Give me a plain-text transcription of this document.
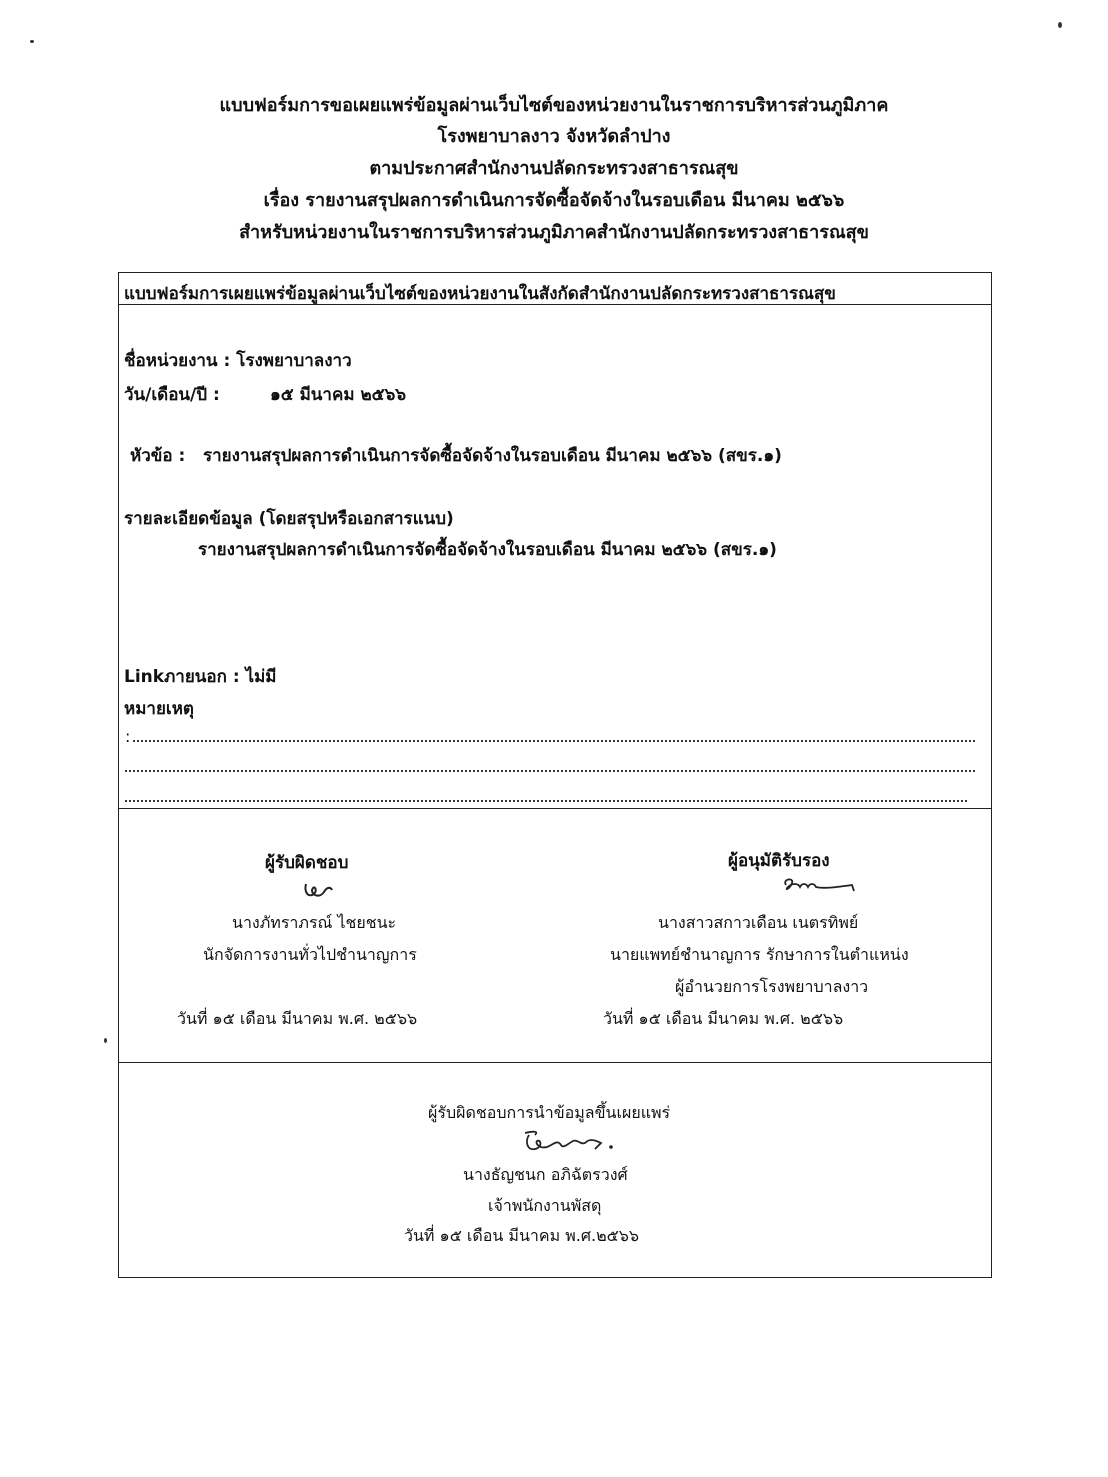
แบบฟอร์มการขอเผยแพร่ข้อมูลผ่านเว็บไซต์ของหน่วยงานในราชการบริหารส่วนภูมิภาค
โรงพยาบาลงาว จังหวัดลำปาง
ตามประกาศสำนักงานปลัดกระทรวงสาธารณสุข
เรื่อง รายงานสรุปผลการดำเนินการจัดซื้อจัดจ้างในรอบเดือน มีนาคม ๒๕๖๖
สำหรับหน่วยงานในราชการบริหารส่วนภูมิภาคสำนักงานปลัดกระทรวงสาธารณสุข
แบบฟอร์มการเผยแพร่ข้อมูลผ่านเว็บไซต์ของหน่วยงานในสังกัดสำนักงานปลัดกระทรวงสาธารณสุข
ชื่อหน่วยงาน : โรงพยาบาลงาว
วัน/เดือน/ปี :	๑๕ มีนาคม ๒๕๖๖
หัวข้อ : รายงานสรุปผลการดำเนินการจัดซื้อจัดจ้างในรอบเดือน มีนาคม ๒๕๖๖ (สขร.๑)
รายละเอียดข้อมูล (โดยสรุปหรือเอกสารแนบ)
รายงานสรุปผลการดำเนินการจัดซื้อจัดจ้างในรอบเดือน มีนาคม ๒๕๖๖ (สขร.๑)
Linkภายนอก : ไม่มี
หมายเหตุ
:
ผู้รับผิดชอบ
นางภัทราภรณ์ ไชยชนะ
นักจัดการงานทั่วไปชำนาญการ
วันที่ ๑๕ เดือน มีนาคม พ.ศ. ๒๕๖๖
ผู้อนุมัติรับรอง
นางสาวสกาวเดือน เนตรทิพย์
นายแพทย์ชำนาญการ รักษาการในตำแหน่ง
ผู้อำนวยการโรงพยาบาลงาว
วันที่ ๑๕ เดือน มีนาคม พ.ศ. ๒๕๖๖
ผู้รับผิดชอบการนำข้อมูลขึ้นเผยแพร่
นางธัญชนก อภิฉัตรวงศ์
เจ้าพนักงานพัสดุ
วันที่ ๑๕ เดือน มีนาคม พ.ศ.๒๕๖๖
